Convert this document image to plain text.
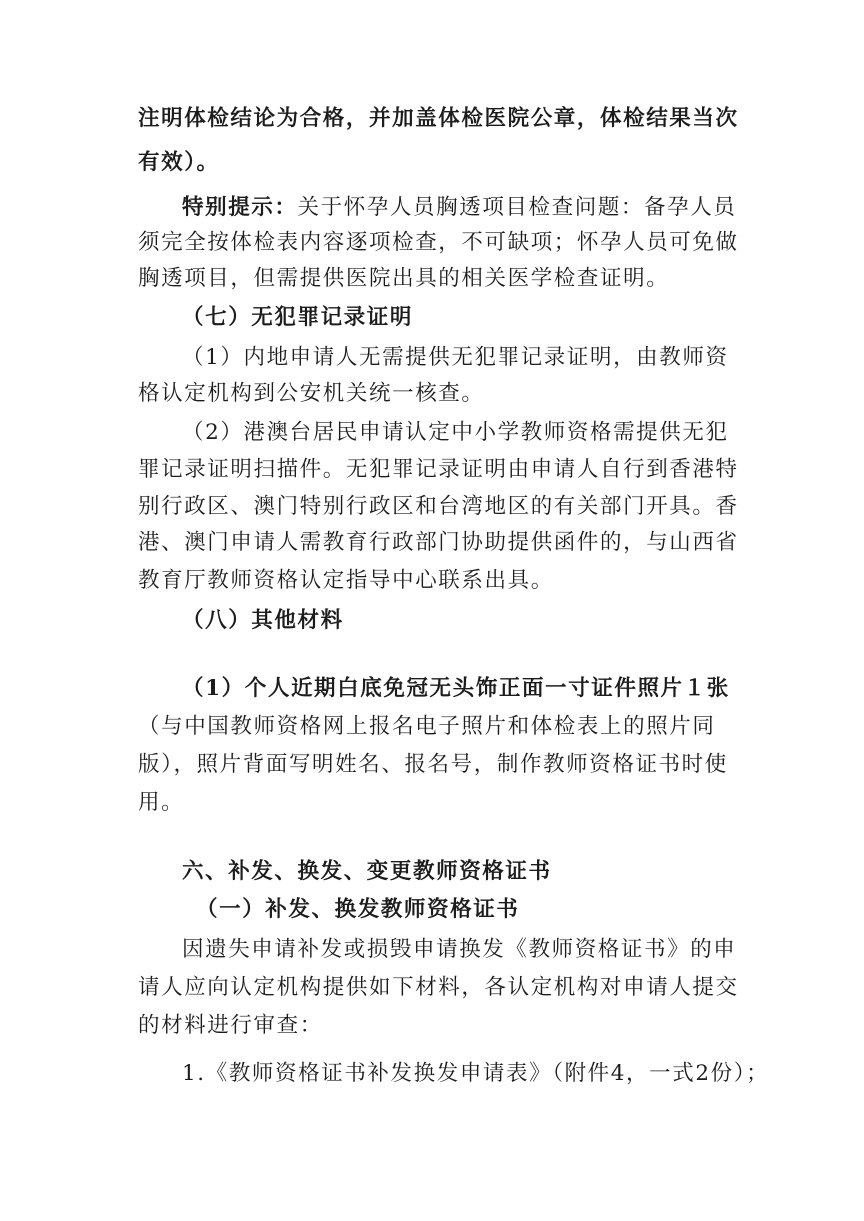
注明体检结论为合格，并加盖体检医院公章，体检结果当次
有效）。
特别提示：关于怀孕人员胸透项目检查问题：备孕人员
须完全按体检表内容逐项检查，不可缺项；怀孕人员可免做
胸透项目，但需提供医院出具的相关医学检查证明。
（七）无犯罪记录证明
（1）内地申请人无需提供无犯罪记录证明，由教师资
格认定机构到公安机关统一核查。
（2）港澳台居民申请认定中小学教师资格需提供无犯
罪记录证明扫描件。无犯罪记录证明由申请人自行到香港特
别行政区、澳门特别行政区和台湾地区的有关部门开具。香
港、澳门申请人需教育行政部门协助提供函件的，与山西省
教育厅教师资格认定指导中心联系出具。
（八）其他材料
（1）个人近期白底免冠无头饰正面一寸证件照片１张
（与中国教师资格网上报名电子照片和体检表上的照片同
版），照片背面写明姓名、报名号，制作教师资格证书时使
用。
六、补发、换发、变更教师资格证书
（一）补发、换发教师资格证书
因遗失申请补发或损毁申请换发《教师资格证书》的申
请人应向认定机构提供如下材料，各认定机构对申请人提交
的材料进行审查：
1.《教师资格证书补发换发申请表》（附件4，一式2份）；
